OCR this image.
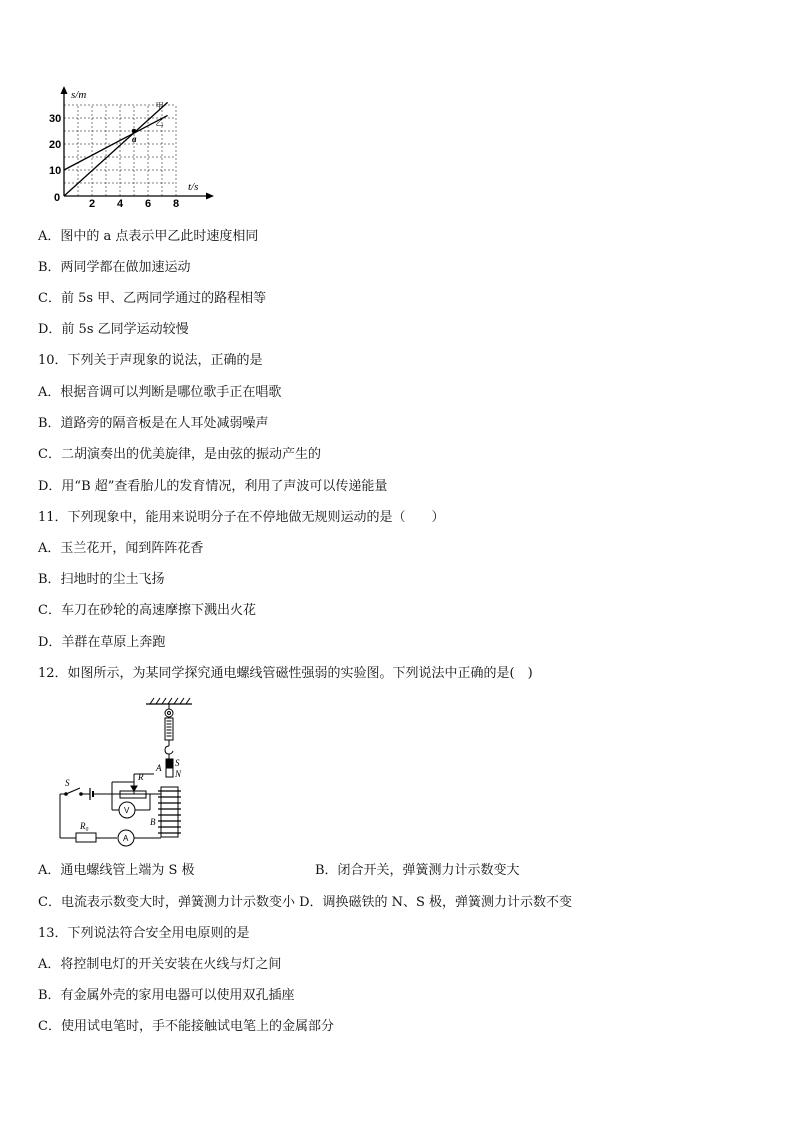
2 4 6 8
10
20
30
甲
乙
a
s/m
t/s
0
A．图中的 a 点表示甲乙此时速度相同
B．两同学都在做加速运动
C．前 5s 甲、乙两同学通过的路程相等
D．前 5s 乙同学运动较慢
10．下列关于声现象的说法，正确的是
A．根据音调可以判断是哪位歌手正在唱歌
B．道路旁的隔音板是在人耳处减弱噪声
C．二胡演奏出的优美旋律，是由弦的振动产生的
D．用“B 超”查看胎儿的发育情况，利用了声波可以传递能量
11．下列现象中，能用来说明分子在不停地做无规则运动的是（　　）
A．玉兰花开，闻到阵阵花香
B．扫地时的尘土飞扬
C．车刀在砂轮的高速摩擦下溅出火花
D．羊群在草原上奔跑
12．如图所示，为某同学探究通电螺线管磁性强弱的实验图。下列说法中正确的是(　)
S
R
V
A S
N
B
R₀
A
A．通电螺线管上端为 S 极	B．闭合开关，弹簧测力计示数变大
C．电流表示数变大时，弹簧测力计示数变小 D．调换磁铁的 N、S 极，弹簧测力计示数不变
13．下列说法符合安全用电原则的是
A．将控制电灯的开关安装在火线与灯之间
B．有金属外壳的家用电器可以使用双孔插座
C．使用试电笔时，手不能接触试电笔上的金属部分
